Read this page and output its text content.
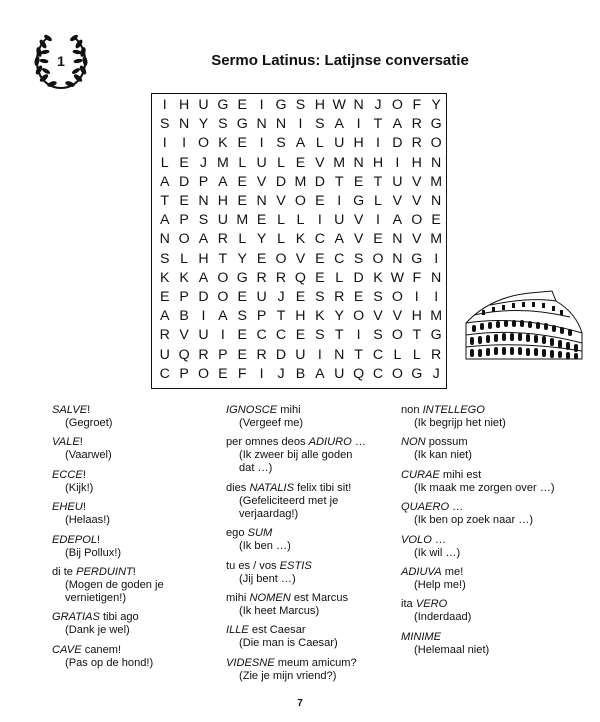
1	Sermo Latinus: Latijnse conversatie
I	H	U	G	E	I	G	S	H	W	N	J	O	F	Y
S	N	Y	S	G	N	N	I	S	A	I	T	A	R	G
I	I	O	K	E	I	S	A	L	U	H	I	D	R	O
L	E	J	M	L	U	L	E	V	M	N	H	I	H	N
A	D	P	A	E	V	D	M	D	T	E	T	U	V	M
T	E	N	H	E	N	V	O	E	I	G	L	V	V	N
A	P	S	U	M	E	L	L	I	U	V	I	A	O	E
N	O	A	R	L	Y	L	K	C	A	V	E	N	V	M
S	L	H	T	Y	E	O	V	E	C	S	O	N	G	I
K	K	A	O	G	R	R	Q	E	L	D	K	W	F	N
E	P	D	O	E	U	J	E	S	R	E	S	O	I	I
A	B	I	A	S	P	T	H	K	Y	O	V	V	H	M
R	V	U	I	E	C	C	E	S	T	I	S	O	T	G
U	Q	R	P	E	R	D	U	I	N	T	C	L	L	R
C	P	O	E	F	I	J	B	A	U	Q	C	O	G	J
SALVE!
(Gegroet)
VALE!
(Vaarwel)
ECCE!
(Kijk!)
EHEU!
(Helaas!)
EDEPOL!
(Bij Pollux!)
di te PERDUINT!
(Mogen de goden je
vernietigen!)
GRATIAS tibi ago
(Dank je wel)
CAVE canem!
(Pas op de hond!)
IGNOSCE mihi
(Vergeef me)
per omnes deos ADIURO …
(Ik zweer bij alle goden
dat …)
dies NATALIS felix tibi sit!
(Gefeliciteerd met je
verjaardag!)
ego SUM
(Ik ben …)
tu es / vos ESTIS
(Jij bent …)
mihi NOMEN est Marcus
(Ik heet Marcus)
ILLE est Caesar
(Die man is Caesar)
VIDESNE meum amicum?
(Zie je mijn vriend?)
non INTELLEGO
(Ik begrijp het niet)
NON possum
(Ik kan niet)
CURAE mihi est
(Ik maak me zorgen over …)
QUAERO …
(Ik ben op zoek naar …)
VOLO …
(Ik wil …)
ADIUVA me!
(Help me!)
ita VERO
(Inderdaad)
MINIME
(Helemaal niet)
7
